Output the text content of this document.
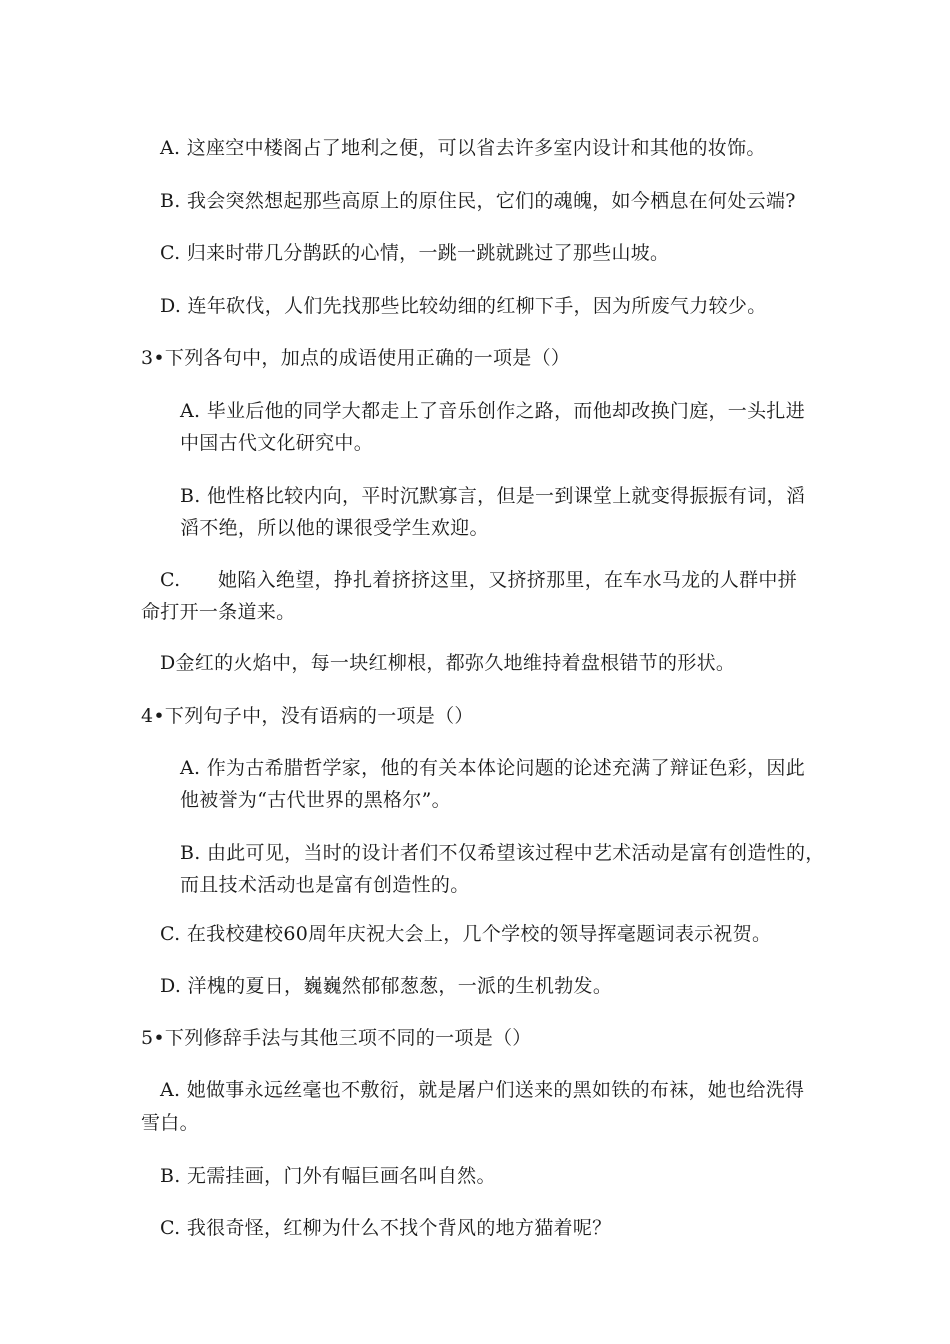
A. 这座空中楼阁占了地利之便，可以省去许多室内设计和其他的妆饰。

B. 我会突然想起那些高原上的原住民，它们的魂魄，如今栖息在何处云端?

C. 归来时带几分鹊跃的心情，一跳一跳就跳过了那些山坡。

D. 连年砍伐，人们先找那些比较幼细的红柳下手，因为所废气力较少。

3•下列各句中，加点的成语使用正确的一项是（）

A. 毕业后他的同学大都走上了音乐创作之路，而他却改换门庭，一头扎进

中国古代文化研究中。

B. 他性格比较内向，平时沉默寡言，但是一到课堂上就变得振振有词，滔

滔不绝，所以他的课很受学生欢迎。

C. 她陷入绝望，挣扎着挤挤这里，又挤挤那里，在车水马龙的人群中拼

命打开一条道来。

D金红的火焰中，每一块红柳根，都弥久地维持着盘根错节的形状。

4•下列句子中，没有语病的一项是（）

A. 作为古希腊哲学家，他的有关本体论问题的论述充满了辩证色彩，因此

他被誉为“古代世界的黑格尔”。

B. 由此可见，当时的设计者们不仅希望该过程中艺术活动是富有创造性的，

而且技术活动也是富有创造性的。

C. 在我校建校60周年庆祝大会上，几个学校的领导挥毫题词表示祝贺。

D. 洋槐的夏日，巍巍然郁郁葱葱，一派的生机勃发。

5•下列修辞手法与其他三项不同的一项是（）

A. 她做事永远丝毫也不敷衍，就是屠户们送来的黑如铁的布袜，她也给洗得

雪白。

B. 无需挂画，门外有幅巨画名叫自然。

C. 我很奇怪，红柳为什么不找个背风的地方猫着呢？
